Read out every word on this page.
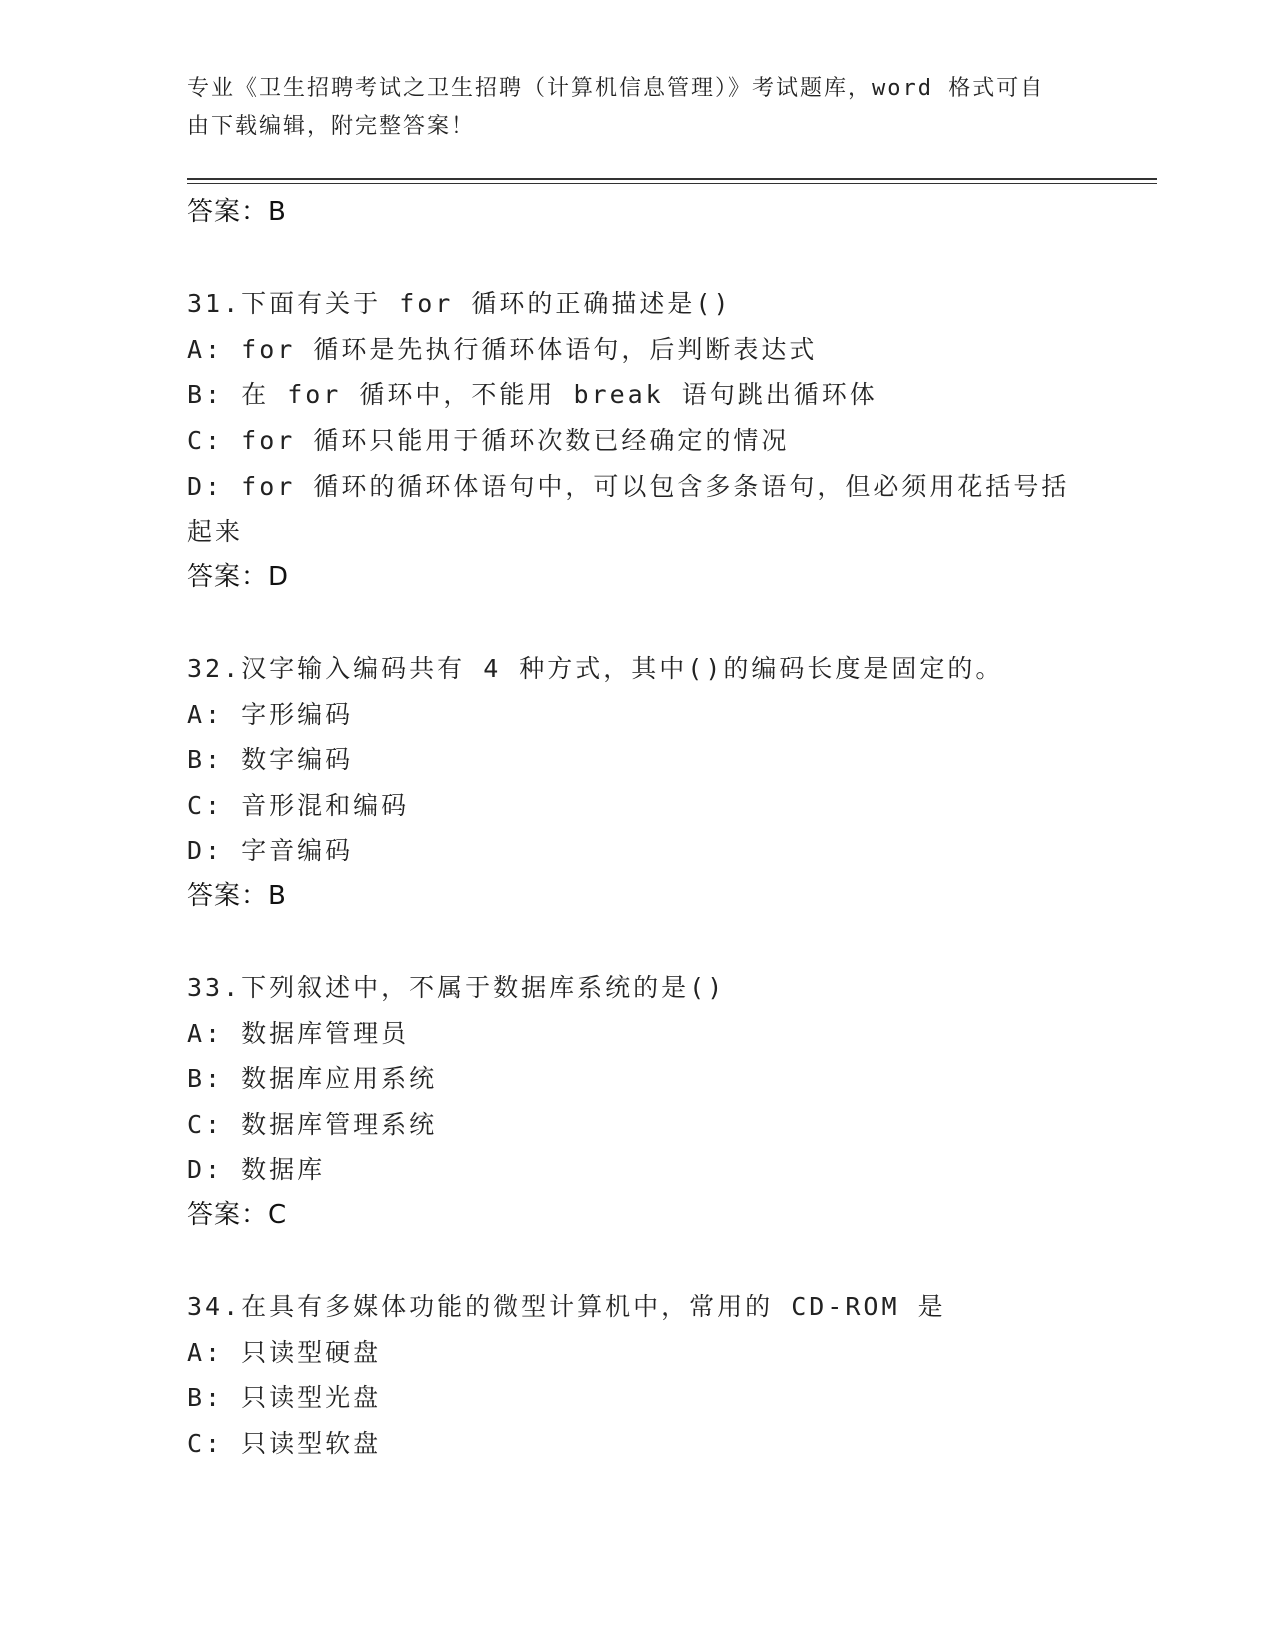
专业《卫生招聘考试之卫生招聘（计算机信息管理）》考试题库，word 格式可自
由下载编辑，附完整答案！
答案：B
31.下面有关于 for 循环的正确描述是()
A: for 循环是先执行循环体语句，后判断表达式
B: 在 for 循环中，不能用 break 语句跳出循环体
C: for 循环只能用于循环次数已经确定的情况
D: for 循环的循环体语句中，可以包含多条语句，但必须用花括号括
起来
答案：D
32.汉字输入编码共有 4 种方式，其中()的编码长度是固定的。
A: 字形编码
B: 数字编码
C: 音形混和编码
D: 字音编码
答案：B
33.下列叙述中，不属于数据库系统的是()
A: 数据库管理员
B: 数据库应用系统
C: 数据库管理系统
D: 数据库
答案：C
34.在具有多媒体功能的微型计算机中，常用的 CD-ROM 是
A: 只读型硬盘
B: 只读型光盘
C: 只读型软盘
